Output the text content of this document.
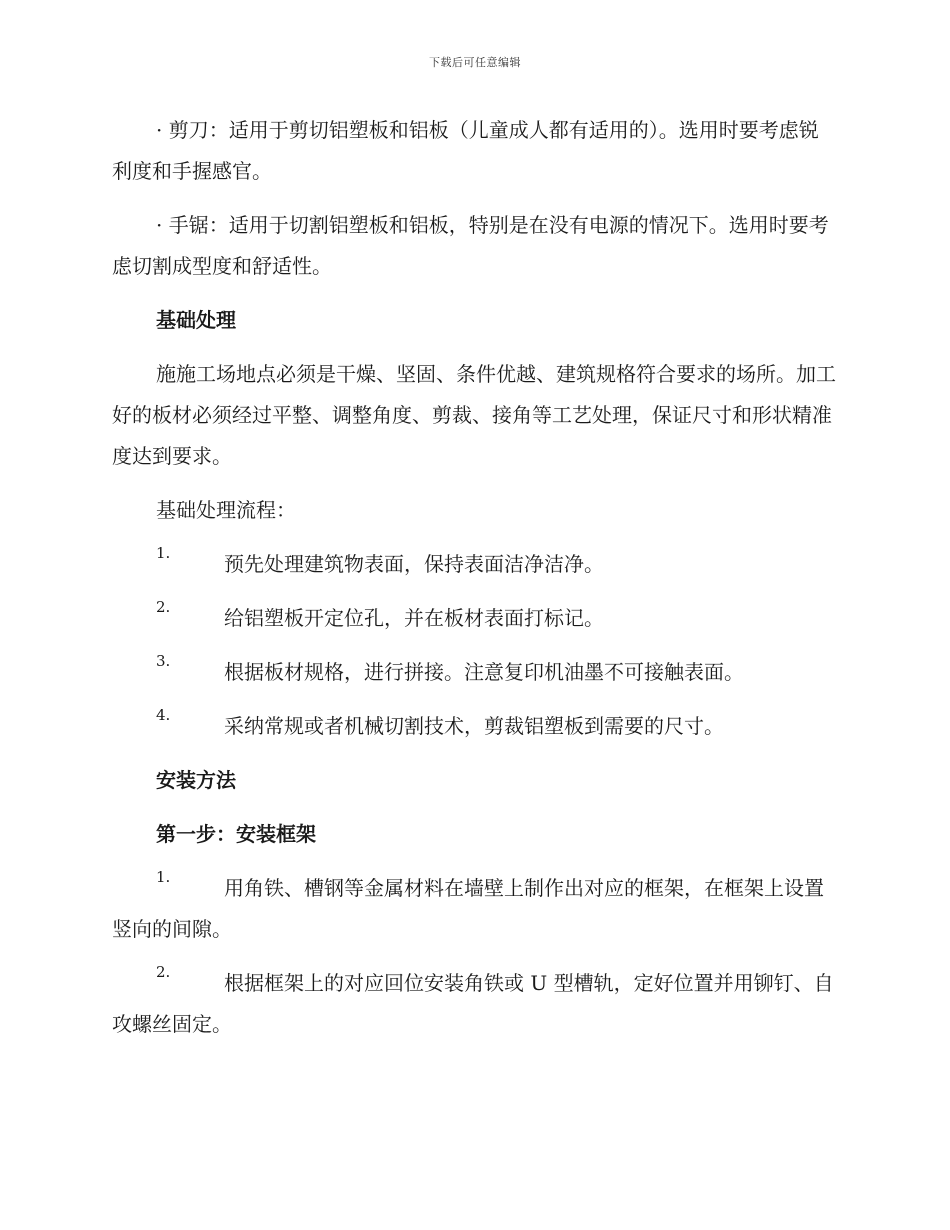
下载后可任意编辑

· 剪刀：适用于剪切铝塑板和铝板（儿童成人都有适用的）。选用时要考虑锐利度和手握感官。

· 手锯：适用于切割铝塑板和铝板，特别是在没有电源的情况下。选用时要考虑切割成型度和舒适性。

基础处理

施施工场地点必须是干燥、坚固、条件优越、建筑规格符合要求的场所。加工好的板材必须经过平整、调整角度、剪裁、接角等工艺处理，保证尺寸和形状精准度达到要求。

基础处理流程：

1.	预先处理建筑物表面，保持表面洁净洁净。

2.	给铝塑板开定位孔，并在板材表面打标记。

3.	根据板材规格，进行拼接。注意复印机油墨不可接触表面。

4.	采纳常规或者机械切割技术，剪裁铝塑板到需要的尺寸。

安装方法

第一步：安装框架

1.	用角铁、槽钢等金属材料在墙壁上制作出对应的框架，在框架上设置竖向的间隙。

2.	根据框架上的对应回位安装角铁或 U 型槽轨，定好位置并用铆钉、自攻螺丝固定。
